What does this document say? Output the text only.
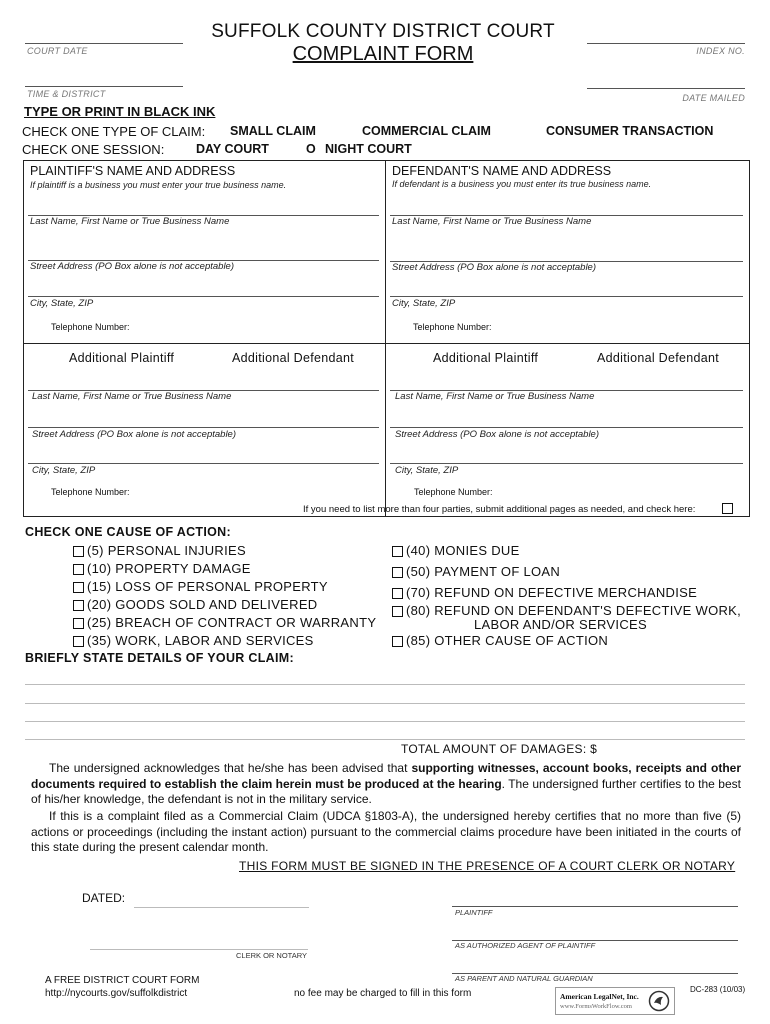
COURT DATE
TIME & DISTRICT
SUFFOLK COUNTY DISTRICT COURT
COMPLAINT FORM	INDEX NO.
DATE MAILED
TYPE OR PRINT IN BLACK INK
CHECK ONE TYPE OF CLAIM: SMALL CLAIM	COMMERCIAL CLAIM	CONSUMER TRANSACTION
CHECK ONE SESSION:	DAY COURT	O NIGHT COURT
PLAINTIFF'S NAME AND ADDRESS
If plaintiff is a business you must enter your true business name.
Last Name, First Name or True Business Name
Street Address (PO Box alone is not acceptable)
City, State, ZIP
Telephone Number:
DEFENDANT'S NAME AND ADDRESS
If defendant is a business you must enter its true business name.
Last Name, First Name or True Business Name
Street Address (PO Box alone is not acceptable)
City, State, ZIP
Telephone Number:
Additional Plaintiff	Additional Defendant
Last Name, First Name or True Business Name
Street Address (PO Box alone is not acceptable)
City, State, ZIP
Telephone Number:
Additional Plaintiff	Additional Defendant
Last Name, First Name or True Business Name
Street Address (PO Box alone is not acceptable)
City, State, ZIP
Telephone Number:
If you need to list more than four parties, submit additional pages as needed, and check here:
CHECK ONE CAUSE OF ACTION:
(5) PERSONAL INJURIES
(10) PROPERTY DAMAGE
(15) LOSS OF PERSONAL PROPERTY
(20) GOODS SOLD AND DELIVERED
(25) BREACH OF CONTRACT OR WARRANTY
(35) WORK, LABOR AND SERVICES
(40) MONIES DUE
(50) PAYMENT OF LOAN
(70) REFUND ON DEFECTIVE MERCHANDISE
(80) REFUND ON DEFENDANT'S DEFECTIVE WORK,
LABOR AND/OR SERVICES
(85) OTHER CAUSE OF ACTION
BRIEFLY STATE DETAILS OF YOUR CLAIM:
TOTAL AMOUNT OF DAMAGES: $
The undersigned acknowledges that he/she has been advised that supporting witnesses, account books, receipts and other documents required to establish the claim herein must be produced at the hearing. The undersigned further certifies to the best of his/her knowledge, the defendant is not in the military service.
If this is a complaint filed as a Commercial Claim (UDCA §1803-A), the undersigned hereby certifies that no more than five (5) actions or proceedings (including the instant action) pursuant to the commercial claims procedure have been initiated in the courts of this state during the present calendar month.
THIS FORM MUST BE SIGNED IN THE PRESENCE OF A COURT CLERK OR NOTARY
DATED:
PLAINTIFF
AS AUTHORIZED AGENT OF PLAINTIFF
CLERK OR NOTARY
AS PARENT AND NATURAL GUARDIAN
A FREE DISTRICT COURT FORM
http://nycourts.gov/suffolkdistrict	no fee may be charged to fill in this form	American LegalNet, Inc.
www.FormsWorkFlow.com
DC-283 (10/03)
